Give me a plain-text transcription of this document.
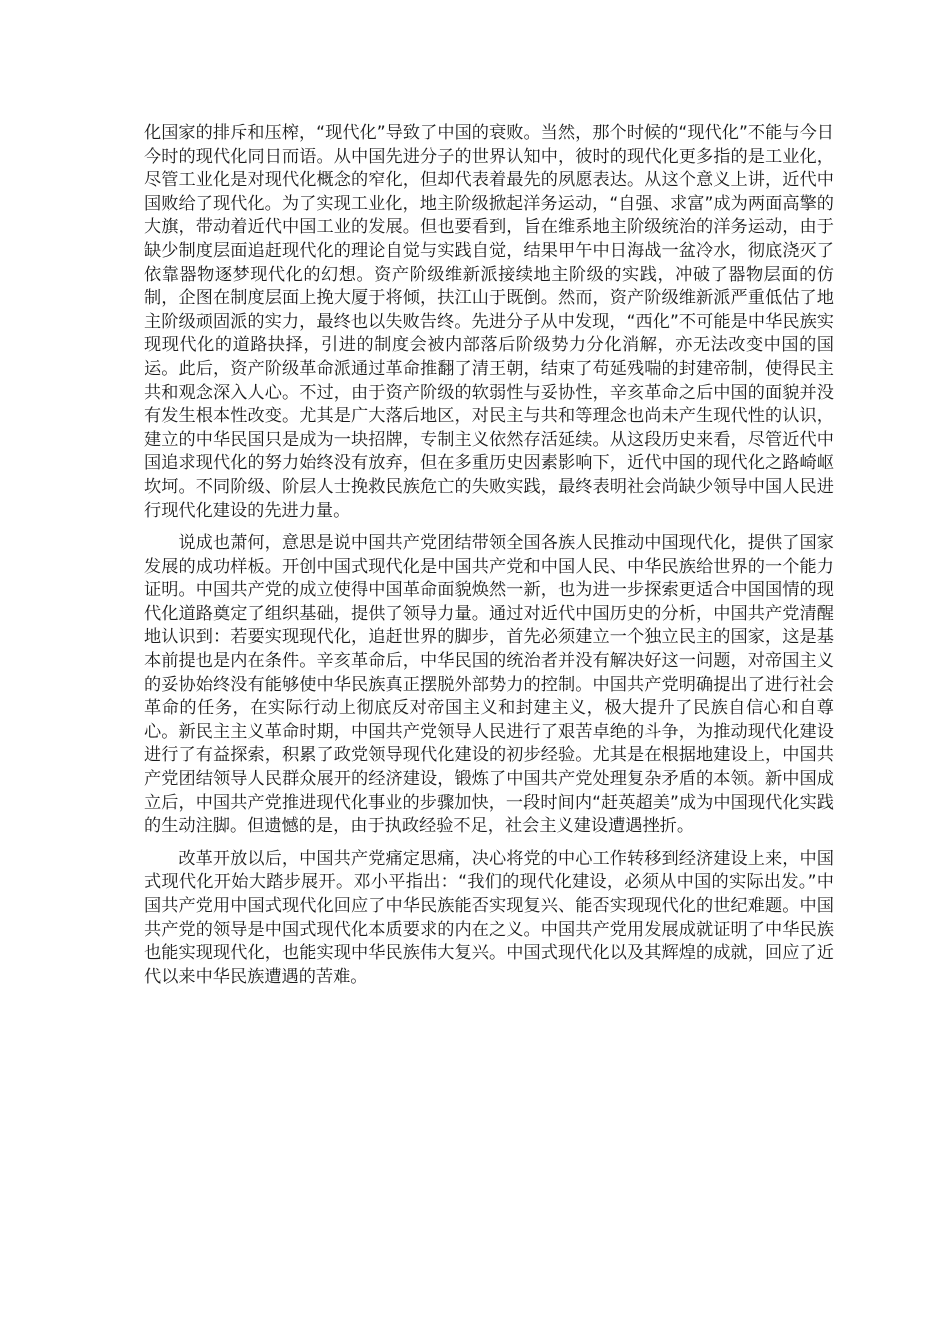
化国家的排斥和压榨，“现代化”导致了中国的衰败。当然，那个时候的“现代化”不能与今日今时的现代化同日而语。从中国先进分子的世界认知中，彼时的现代化更多指的是工业化，尽管工业化是对现代化概念的窄化，但却代表着最先的夙愿表达。从这个意义上讲，近代中国败给了现代化。为了实现工业化，地主阶级掀起洋务运动，“自强、求富”成为两面高擎的大旗，带动着近代中国工业的发展。但也要看到，旨在维系地主阶级统治的洋务运动，由于缺少制度层面追赶现代化的理论自觉与实践自觉，结果甲午中日海战一盆冷水，彻底浇灭了依靠器物逐梦现代化的幻想。资产阶级维新派接续地主阶级的实践，冲破了器物层面的仿制，企图在制度层面上挽大厦于将倾，扶江山于既倒。然而，资产阶级维新派严重低估了地主阶级顽固派的实力，最终也以失败告终。先进分子从中发现，“西化”不可能是中华民族实现现代化的道路抉择，引进的制度会被内部落后阶级势力分化消解，亦无法改变中国的国运。此后，资产阶级革命派通过革命推翻了清王朝，结束了苟延残喘的封建帝制，使得民主共和观念深入人心。不过，由于资产阶级的软弱性与妥协性，辛亥革命之后中国的面貌并没有发生根本性改变。尤其是广大落后地区，对民主与共和等理念也尚未产生现代性的认识，建立的中华民国只是成为一块招牌，专制主义依然存活延续。从这段历史来看，尽管近代中国追求现代化的努力始终没有放弃，但在多重历史因素影响下，近代中国的现代化之路崎岖坎坷。不同阶级、阶层人士挽救民族危亡的失败实践，最终表明社会尚缺少领导中国人民进行现代化建设的先进力量。

说成也萧何，意思是说中国共产党团结带领全国各族人民推动中国现代化，提供了国家发展的成功样板。开创中国式现代化是中国共产党和中国人民、中华民族给世界的一个能力证明。中国共产党的成立使得中国革命面貌焕然一新，也为进一步探索更适合中国国情的现代化道路奠定了组织基础，提供了领导力量。通过对近代中国历史的分析，中国共产党清醒地认识到：若要实现现代化，追赶世界的脚步，首先必须建立一个独立民主的国家，这是基本前提也是内在条件。辛亥革命后，中华民国的统治者并没有解决好这一问题，对帝国主义的妥协始终没有能够使中华民族真正摆脱外部势力的控制。中国共产党明确提出了进行社会革命的任务，在实际行动上彻底反对帝国主义和封建主义，极大提升了民族自信心和自尊心。新民主主义革命时期，中国共产党领导人民进行了艰苦卓绝的斗争，为推动现代化建设进行了有益探索，积累了政党领导现代化建设的初步经验。尤其是在根据地建设上，中国共产党团结领导人民群众展开的经济建设，锻炼了中国共产党处理复杂矛盾的本领。新中国成立后，中国共产党推进现代化事业的步骤加快，一段时间内“赶英超美”成为中国现代化实践的生动注脚。但遗憾的是，由于执政经验不足，社会主义建设遭遇挫折。

改革开放以后，中国共产党痛定思痛，决心将党的中心工作转移到经济建设上来，中国式现代化开始大踏步展开。邓小平指出：“我们的现代化建设，必须从中国的实际出发。”中国共产党用中国式现代化回应了中华民族能否实现复兴、能否实现现代化的世纪难题。中国共产党的领导是中国式现代化本质要求的内在之义。中国共产党用发展成就证明了中华民族也能实现现代化，也能实现中华民族伟大复兴。中国式现代化以及其辉煌的成就，回应了近代以来中华民族遭遇的苦难。
